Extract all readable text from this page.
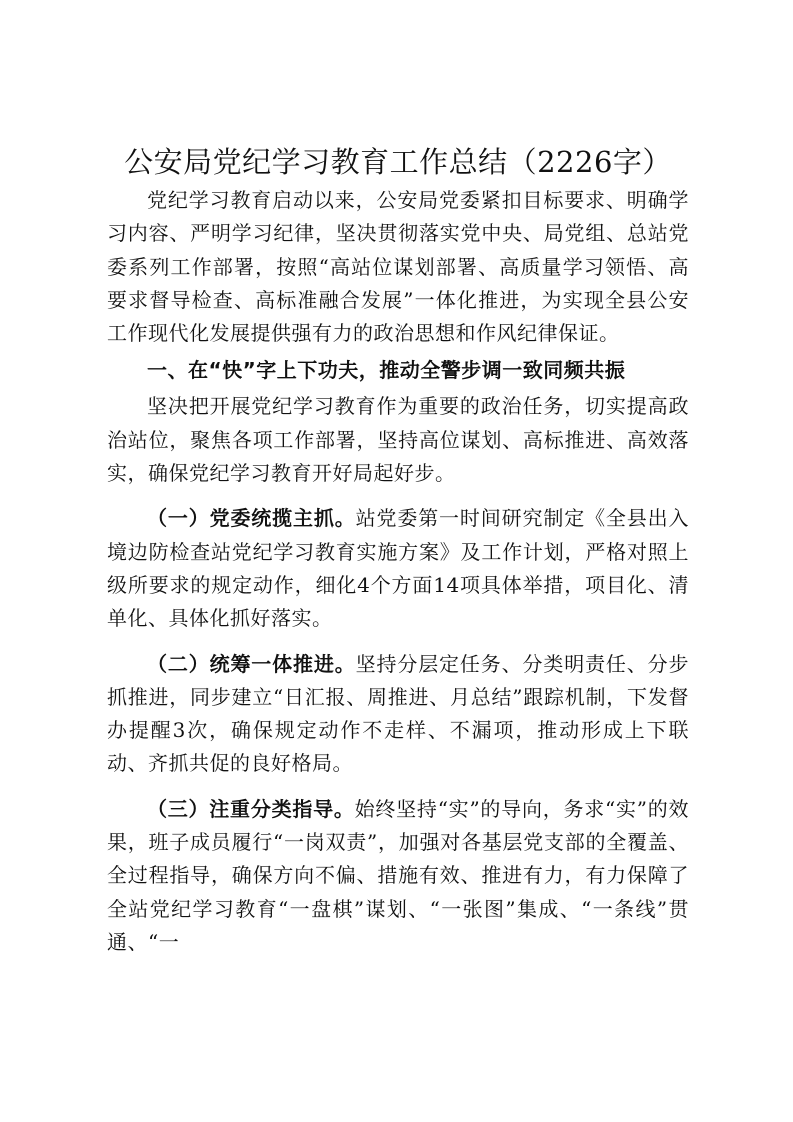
公安局党纪学习教育工作总结（2226字）

党纪学习教育启动以来，公安局党委紧扣目标要求、明确学习内容、严明学习纪律，坚决贯彻落实党中央、局党组、总站党委系列工作部署，按照“高站位谋划部署、高质量学习领悟、高要求督导检查、高标准融合发展”一体化推进，为实现全县公安工作现代化发展提供强有力的政治思想和作风纪律保证。

一、在“快”字上下功夫，推动全警步调一致同频共振

坚决把开展党纪学习教育作为重要的政治任务，切实提高政治站位，聚焦各项工作部署，坚持高位谋划、高标推进、高效落实，确保党纪学习教育开好局起好步。

（一）党委统揽主抓。站党委第一时间研究制定《全县出入境边防检查站党纪学习教育实施方案》及工作计划，严格对照上级所要求的规定动作，细化4个方面14项具体举措，项目化、清单化、具体化抓好落实。

（二）统筹一体推进。坚持分层定任务、分类明责任、分步抓推进，同步建立“日汇报、周推进、月总结”跟踪机制，下发督办提醒3次，确保规定动作不走样、不漏项，推动形成上下联动、齐抓共促的良好格局。

（三）注重分类指导。始终坚持“实”的导向，务求“实”的效果，班子成员履行“一岗双责”，加强对各基层党支部的全覆盖、全过程指导，确保方向不偏、措施有效、推进有力，有力保障了全站党纪学习教育“一盘棋”谋划、“一张图”集成、“一条线”贯通、“一
